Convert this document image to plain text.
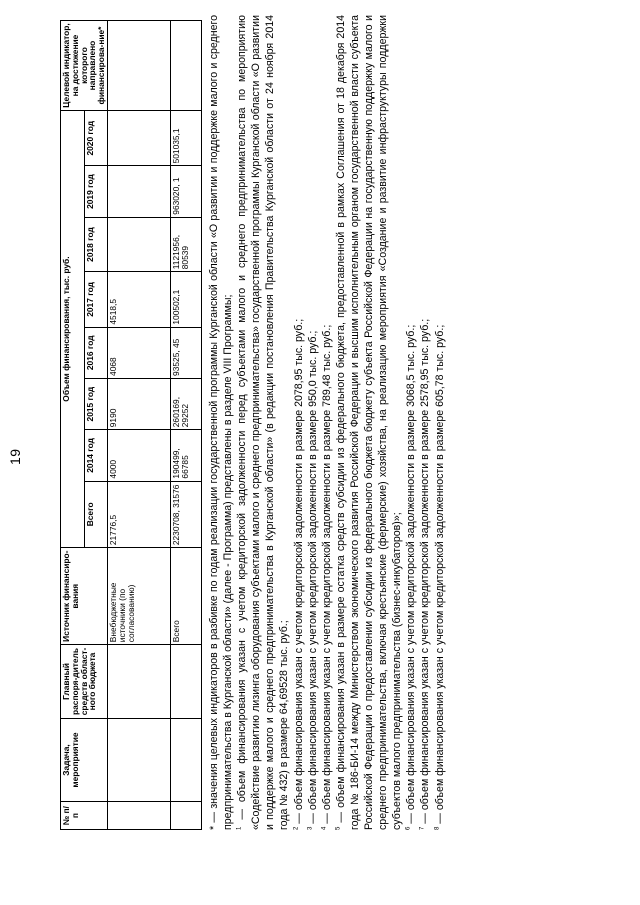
19
№ п/п	Задача, мероприятие	Главный распоря-дитель средств област-ного бюджета	Источник финансиро-вания	Объем финансирования, тыс. руб.								Целевой индикатор, на достижение которого направлено финансирова-ние*
				Всего	2014 год	2015 год	2016 год	2017 год	2018 год	2019 год	2020 год	
			Внебюджетные источники (по согласованию)	21776,5	4000	9190	4068	4518,5				
			Всего	2230708, 31576	190499, 66785	260169, 29252	93525, 45	100502,1	1121956, 80539	963020, 1	501035,1	

* — значения целевых индикаторов в разбивке по годам реализации государственной программы Курганской области «О развитии и поддержке малого и среднего предпринимательства в Курганской области» (далее - Программа) представлены в разделе VIII Программы; $^1$ — объем финансирования указан с учетом кредиторской задолженности перед субъектами малого и среднего предпринимательства по мероприятию «Содействие развитию лизинга оборудования субъектами малого и среднего предпринимательства» государственной программы Курганской области «О развитии и поддержке малого и среднего предпринимательства в Курганской области» (в редакции постановления Правительства Курганской области от 24 ноября 2014 года № 432) в размере 64,69528 тыс. руб.; $^2$ — объем финансирования указан с учетом кредиторской задолженности в размере 2078,95 тыс. руб.;

$^3$ — объем финансирования указан с учетом кредиторской задолженности в размере 950,0 тыс. руб.;

$^4$ — объем финансирования указан с учетом кредиторской задолженности в размере 789,48 тыс. руб.;

$^5$ — объем финансирования указан в размере остатка средств субсидии из федерального бюджета, предоставленной в рамках Соглашения от 18 декабря 2014 года № 186-БИ-14 между Министерством экономического развития Российской Федерации и высшим исполнительным органом государственной власти субъекта Российской Федерации о предоставлении субсидии из федерального бюджета бюджету субъекта Российской Федерации на государственную поддержку малого и среднего предпринимательства, включая крестьянские (фермерские) хозяйства, на реализацию мероприятия «Создание и развитие инфраструктуры поддержки субъектов малого предпринимательства (бизнес-инкубаторов)»; $^6$ — объем финансирования указан с учетом кредиторской задолженности в размере 3068,5 тыс. руб.;

$^7$ — объем финансирования указан с учетом кредиторской задолженности в размере 2578,95 тыс. руб.;

$^8$ — объем финансирования указан с учетом кредиторской задолженности в размере 605,78 тыс. руб.;
